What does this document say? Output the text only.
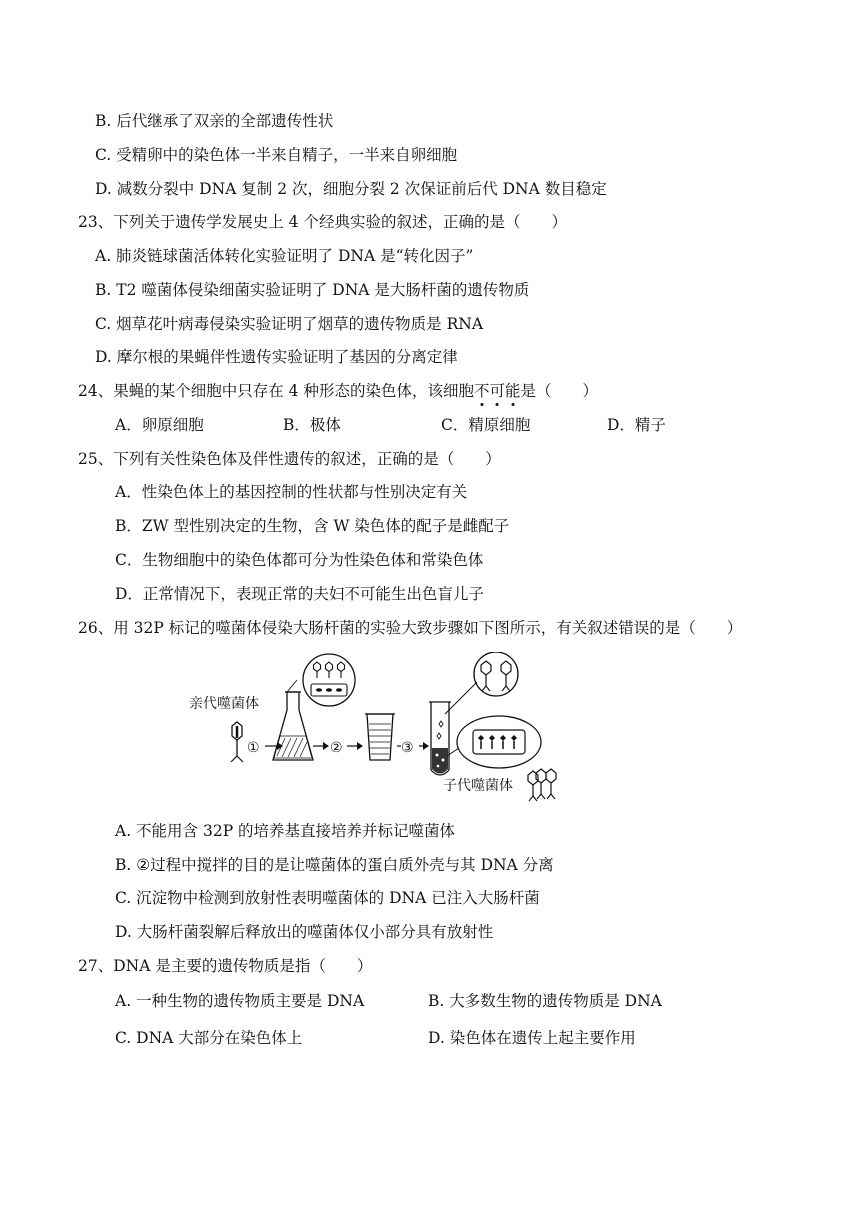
B. 后代继承了双亲的全部遗传性状
C. 受精卵中的染色体一半来自精子，一半来自卵细胞
D. 减数分裂中 DNA 复制 2 次，细胞分裂 2 次保证前后代 DNA 数目稳定
23、下列关于遗传学发展史上 4 个经典实验的叙述，正确的是（　　）
A. 肺炎链球菌活体转化实验证明了 DNA 是“转化因子”
B. T2 噬菌体侵染细菌实验证明了 DNA 是大肠杆菌的遗传物质
C. 烟草花叶病毒侵染实验证明了烟草的遗传物质是 RNA
D. 摩尔根的果蝇伴性遗传实验证明了基因的分离定律
24、果蝇的某个细胞中只存在 4 种形态的染色体，该细胞不可能是（　　）
A．卵原细胞	B．极体	C．精原细胞	D．精子
25、下列有关性染色体及伴性遗传的叙述，正确的是（　　）
A．性染色体上的基因控制的性状都与性别决定有关
B．ZW 型性别决定的生物，含 W 染色体的配子是雌配子
C．生物细胞中的染色体都可分为性染色体和常染色体
D．正常情况下，表现正常的夫妇不可能生出色盲儿子
26、用 32P 标记的噬菌体侵染大肠杆菌的实验大致步骤如下图所示，有关叙述错误的是（　　）
亲代噬菌体
①	②	③
子代噬菌体
A. 不能用含 32P 的培养基直接培养并标记噬菌体
B. ②过程中搅拌的目的是让噬菌体的蛋白质外壳与其 DNA 分离
C. 沉淀物中检测到放射性表明噬菌体的 DNA 已注入大肠杆菌
D. 大肠杆菌裂解后释放出的噬菌体仅小部分具有放射性
27、DNA 是主要的遗传物质是指（　　）
A. 一种生物的遗传物质主要是 DNA	B. 大多数生物的遗传物质是 DNA
C. DNA 大部分在染色体上	D. 染色体在遗传上起主要作用
